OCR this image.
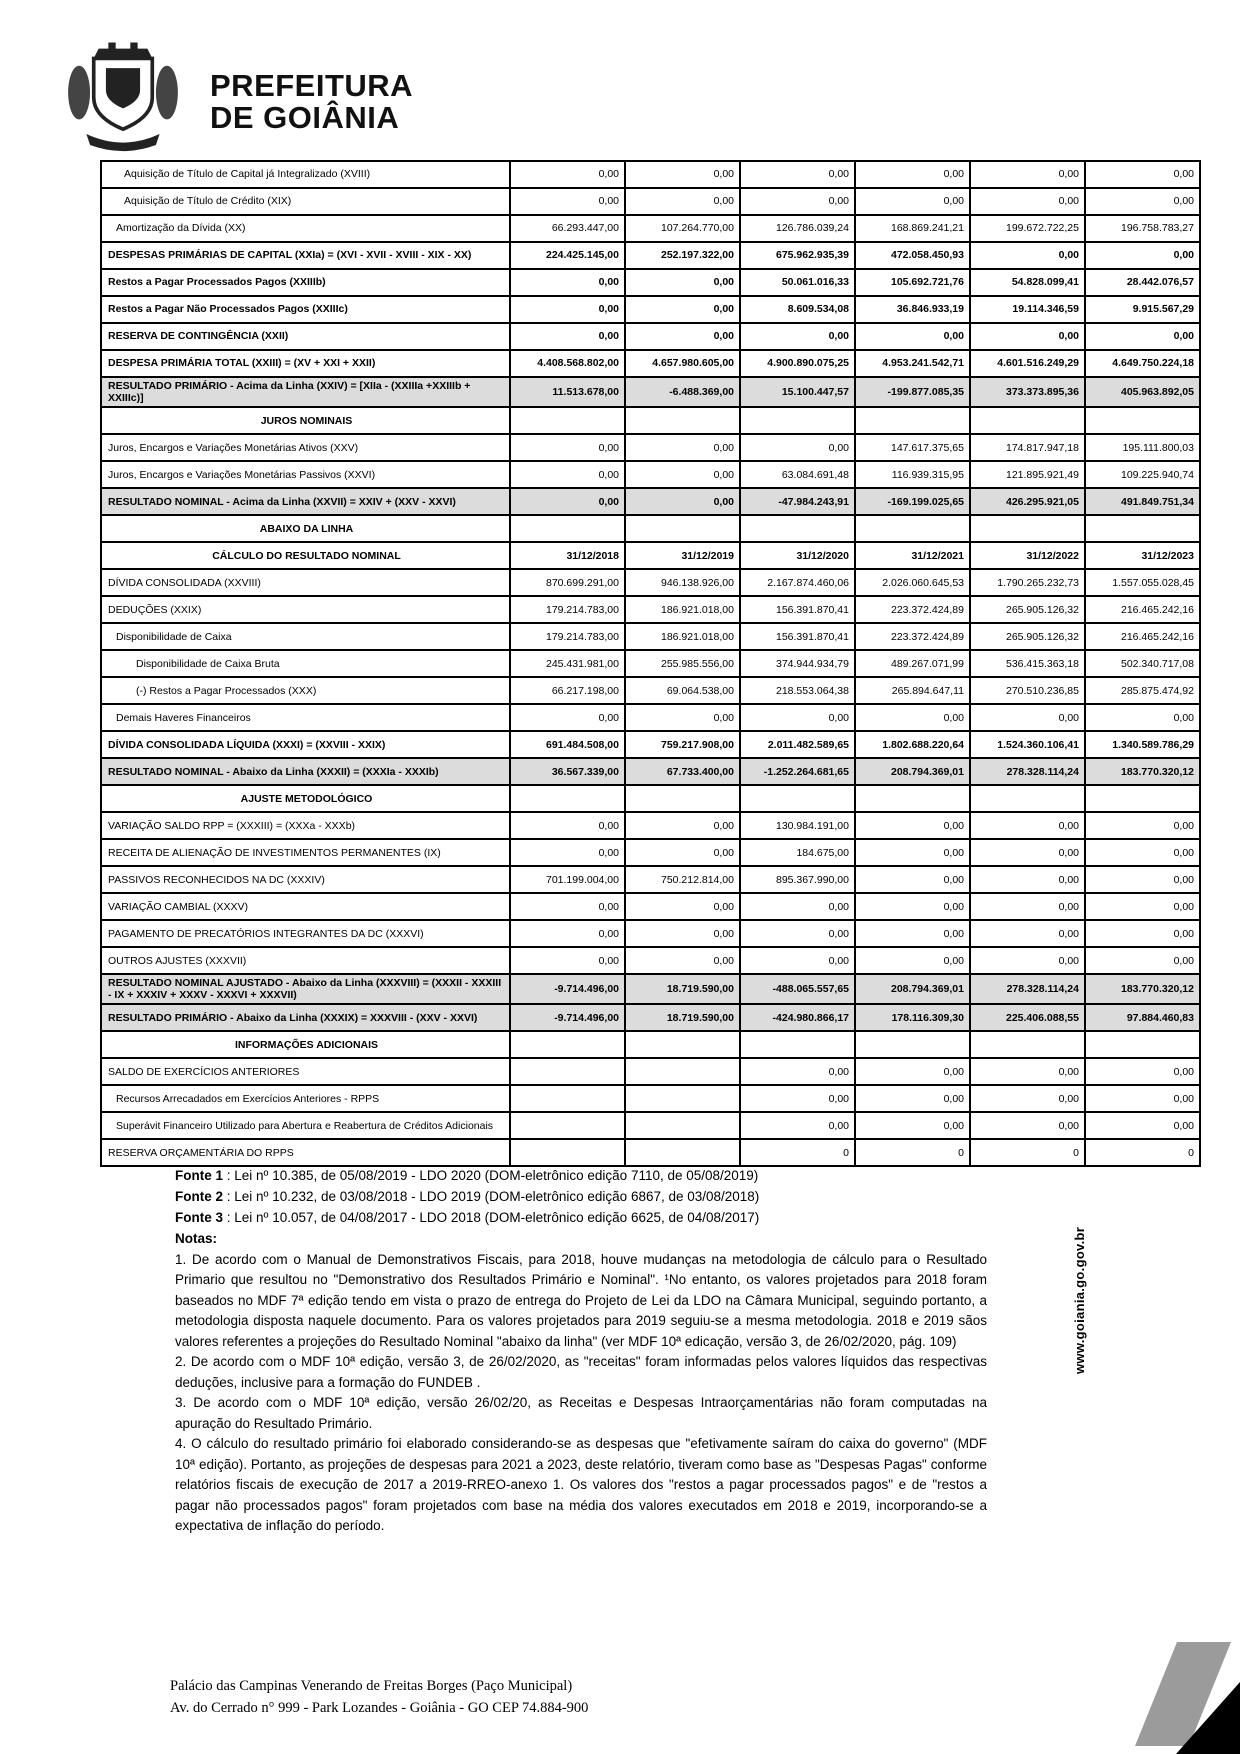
PREFEITURA
DE GOIÂNIA
Aquisição de Título de Capital já Integralizado (XVIII)	0,00	0,00	0,00	0,00	0,00	0,00
Aquisição de Título de Crédito (XIX)	0,00	0,00	0,00	0,00	0,00	0,00
Amortização da Dívida (XX)	66.293.447,00	107.264.770,00	126.786.039,24	168.869.241,21	199.672.722,25	196.758.783,27
DESPESAS PRIMÁRIAS DE CAPITAL (XXIa) = (XVI - XVII - XVIII - XIX - XX)	224.425.145,00	252.197.322,00	675.962.935,39	472.058.450,93	0,00	0,00
Restos a Pagar Processados Pagos (XXIIIb)	0,00	0,00	50.061.016,33	105.692.721,76	54.828.099,41	28.442.076,57
Restos a Pagar Não Processados Pagos (XXIIIc)	0,00	0,00	8.609.534,08	36.846.933,19	19.114.346,59	9.915.567,29
RESERVA DE CONTINGÊNCIA (XXII)	0,00	0,00	0,00	0,00	0,00	0,00
DESPESA PRIMÁRIA TOTAL (XXIII) = (XV + XXI + XXII)	4.408.568.802,00	4.657.980.605,00	4.900.890.075,25	4.953.241.542,71	4.601.516.249,29	4.649.750.224,18
RESULTADO PRIMÁRIO - Acima da Linha (XXIV) = [XIIa - (XXIIIa +XXIIIb + XXIIIc)]	11.513.678,00	-6.488.369,00	15.100.447,57	-199.877.085,35	373.373.895,36	405.963.892,05
JUROS NOMINAIS						
Juros, Encargos e Variações Monetárias Ativos (XXV)	0,00	0,00	0,00	147.617.375,65	174.817.947,18	195.111.800,03
Juros, Encargos e Variações Monetárias Passivos (XXVI)	0,00	0,00	63.084.691,48	116.939.315,95	121.895.921,49	109.225.940,74
RESULTADO NOMINAL - Acima da Linha (XXVII) = XXIV + (XXV - XXVI)	0,00	0,00	-47.984.243,91	-169.199.025,65	426.295.921,05	491.849.751,34
ABAIXO DA LINHA						
CÁLCULO DO RESULTADO NOMINAL	31/12/2018	31/12/2019	31/12/2020	31/12/2021	31/12/2022	31/12/2023
DÍVIDA CONSOLIDADA (XXVIII)	870.699.291,00	946.138.926,00	2.167.874.460,06	2.026.060.645,53	1.790.265.232,73	1.557.055.028,45
DEDUÇÕES (XXIX)	179.214.783,00	186.921.018,00	156.391.870,41	223.372.424,89	265.905.126,32	216.465.242,16
Disponibilidade de Caixa	179.214.783,00	186.921.018,00	156.391.870,41	223.372.424,89	265.905.126,32	216.465.242,16
Disponibilidade de Caixa Bruta	245.431.981,00	255.985.556,00	374.944.934,79	489.267.071,99	536.415.363,18	502.340.717,08
(-) Restos a Pagar Processados (XXX)	66.217.198,00	69.064.538,00	218.553.064,38	265.894.647,11	270.510.236,85	285.875.474,92
Demais Haveres Financeiros	0,00	0,00	0,00	0,00	0,00	0,00
DÍVIDA CONSOLIDADA LÍQUIDA (XXXI) = (XXVIII - XXIX)	691.484.508,00	759.217.908,00	2.011.482.589,65	1.802.688.220,64	1.524.360.106,41	1.340.589.786,29
RESULTADO NOMINAL - Abaixo da Linha (XXXII) = (XXXIa - XXXIb)	36.567.339,00	67.733.400,00	-1.252.264.681,65	208.794.369,01	278.328.114,24	183.770.320,12
AJUSTE METODOLÓGICO						
VARIAÇÃO SALDO RPP = (XXXIII) = (XXXa - XXXb)	0,00	0,00	130.984.191,00	0,00	0,00	0,00
RECEITA DE ALIENAÇÃO DE INVESTIMENTOS PERMANENTES (IX)	0,00	0,00	184.675,00	0,00	0,00	0,00
PASSIVOS RECONHECIDOS NA DC (XXXIV)	701.199.004,00	750.212.814,00	895.367.990,00	0,00	0,00	0,00
VARIAÇÃO CAMBIAL (XXXV)	0,00	0,00	0,00	0,00	0,00	0,00
PAGAMENTO DE PRECATÓRIOS INTEGRANTES DA DC (XXXVI)	0,00	0,00	0,00	0,00	0,00	0,00
OUTROS AJUSTES (XXXVII)	0,00	0,00	0,00	0,00	0,00	0,00
RESULTADO NOMINAL AJUSTADO - Abaixo da Linha (XXXVIII) = (XXXII - XXXIII - IX + XXXIV + XXXV - XXXVI + XXXVII)	-9.714.496,00	18.719.590,00	-488.065.557,65	208.794.369,01	278.328.114,24	183.770.320,12
RESULTADO PRIMÁRIO - Abaixo da Linha (XXXIX) = XXXVIII - (XXV - XXVI)	-9.714.496,00	18.719.590,00	-424.980.866,17	178.116.309,30	225.406.088,55	97.884.460,83
INFORMAÇÕES ADICIONAIS						
SALDO DE EXERCÍCIOS ANTERIORES			0,00	0,00	0,00	0,00
Recursos Arrecadados em Exercícios Anteriores - RPPS			0,00	0,00	0,00	0,00
Superávit Financeiro Utilizado para Abertura e Reabertura de Créditos Adicionais			0,00	0,00	0,00	0,00
RESERVA ORÇAMENTÁRIA DO RPPS			0	0	0	0
Fonte 1 : Lei nº 10.385, de 05/08/2019 - LDO 2020 (DOM-eletrônico edição 7110, de 05/08/2019)
Fonte 2 : Lei nº 10.232, de 03/08/2018 - LDO 2019 (DOM-eletrônico edição 6867, de 03/08/2018)
Fonte 3 : Lei nº 10.057, de 04/08/2017 - LDO 2018 (DOM-eletrônico edição 6625, de 04/08/2017)
Notas:

1. De acordo com o Manual de Demonstrativos Fiscais, para 2018, houve mudanças na metodologia de cálculo para o Resultado Primario que resultou no "Demonstrativo dos Resultados Primário e Nominal". ¹No entanto, os valores projetados para 2018 foram baseados no MDF 7ª edição tendo em vista o prazo de entrega do Projeto de Lei da LDO na Câmara Municipal, seguindo portanto, a metodologia disposta naquele documento. Para os valores projetados para 2019 seguiu-se a mesma metodologia. 2018 e 2019 sãos valores referentes a projeções do Resultado Nominal "abaixo da linha" (ver MDF 10ª edicação, versão 3, de 26/02/2020, pág. 109)

2. De acordo com o MDF 10ª edição, versão 3, de 26/02/2020, as "receitas" foram informadas pelos valores líquidos das respectivas deduções, inclusive para a formação do FUNDEB .

3. De acordo com o MDF 10ª edição, versão 26/02/20, as Receitas e Despesas Intraorçamentárias não foram computadas na apuração do Resultado Primário.

4. O cálculo do resultado primário foi elaborado considerando-se as despesas que "efetivamente saíram do caixa do governo" (MDF 10ª edição). Portanto, as projeções de despesas para 2021 a 2023, deste relatório, tiveram como base as "Despesas Pagas" conforme relatórios fiscais de execução de 2017 a 2019-RREO-anexo 1. Os valores dos "restos a pagar processados pagos" e de "restos a pagar não processados pagos" foram projetados com base na média dos valores executados em 2018 e 2019, incorporando-se a expectativa de inflação do período.

Palácio das Campinas Venerando de Freitas Borges (Paço Municipal)
Av. do Cerrado n° 999 - Park Lozandes - Goiânia - GO CEP 74.884-900
www.goiania.go.gov.br
